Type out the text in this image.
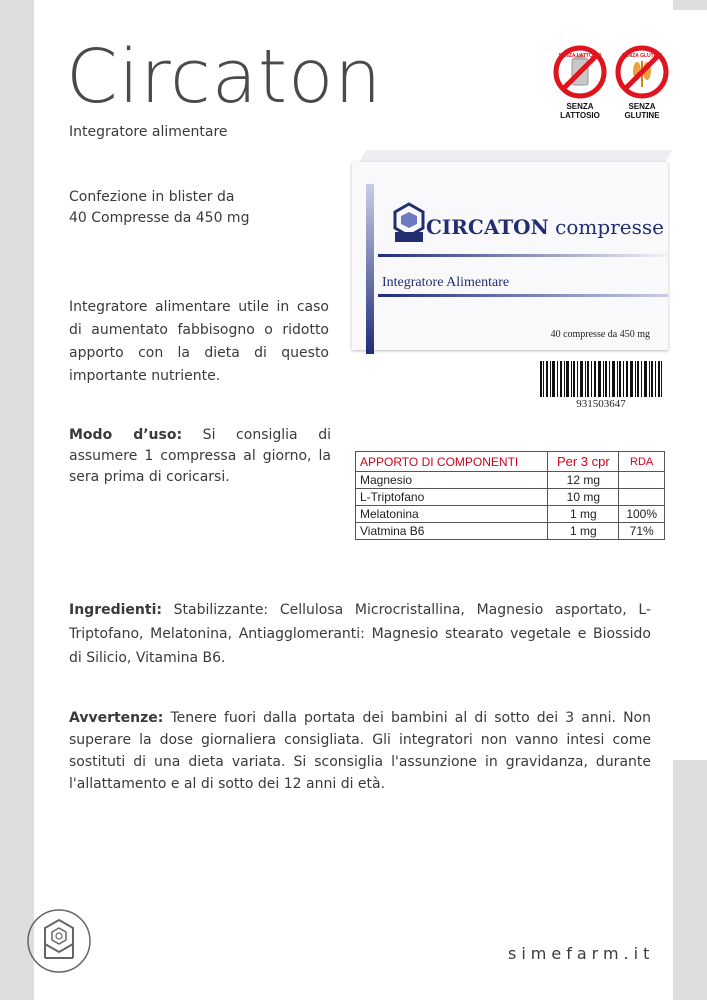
Circaton
Integratore alimentare
Confezione in blister da
40 Compresse da 450 mg
Integratore alimentare utile in caso di aumentato fabbisogno o ridotto apporto con la dieta di questo importante nutriente.
Modo d’uso: Si consiglia di assumere 1 compressa al giorno, la sera prima di coricarsi.
SENZA LATTOSIO
SENZA
LATTOSIO
SENZA GLUTINE
SENZA
GLUTINE
CIRCATON compresse
Integratore Alimentare
40 compresse da 450 mg
931503647
APPORTO DI COMPONENTI	Per 3 cpr	RDA
Magnesio	12 mg	
L-Triptofano	10 mg	
Melatonina	1 mg	100%
Viatmina B6	1 mg	71%
Ingredienti: Stabilizzante: Cellulosa Microcristallina, Magnesio asportato, L-Triptofano, Melatonina, Antiagglomeranti: Magnesio stearato vegetale e Biossido di Silicio, Vitamina B6.
Avvertenze: Tenere fuori dalla portata dei bambini al di sotto dei 3 anni. Non superare la dose giornaliera consigliata. Gli integratori non vanno intesi come sostituti di una dieta variata. Si sconsiglia l'assunzione in gravidanza, durante l'allattamento e al di sotto dei 12 anni di età.
simefarm.it
